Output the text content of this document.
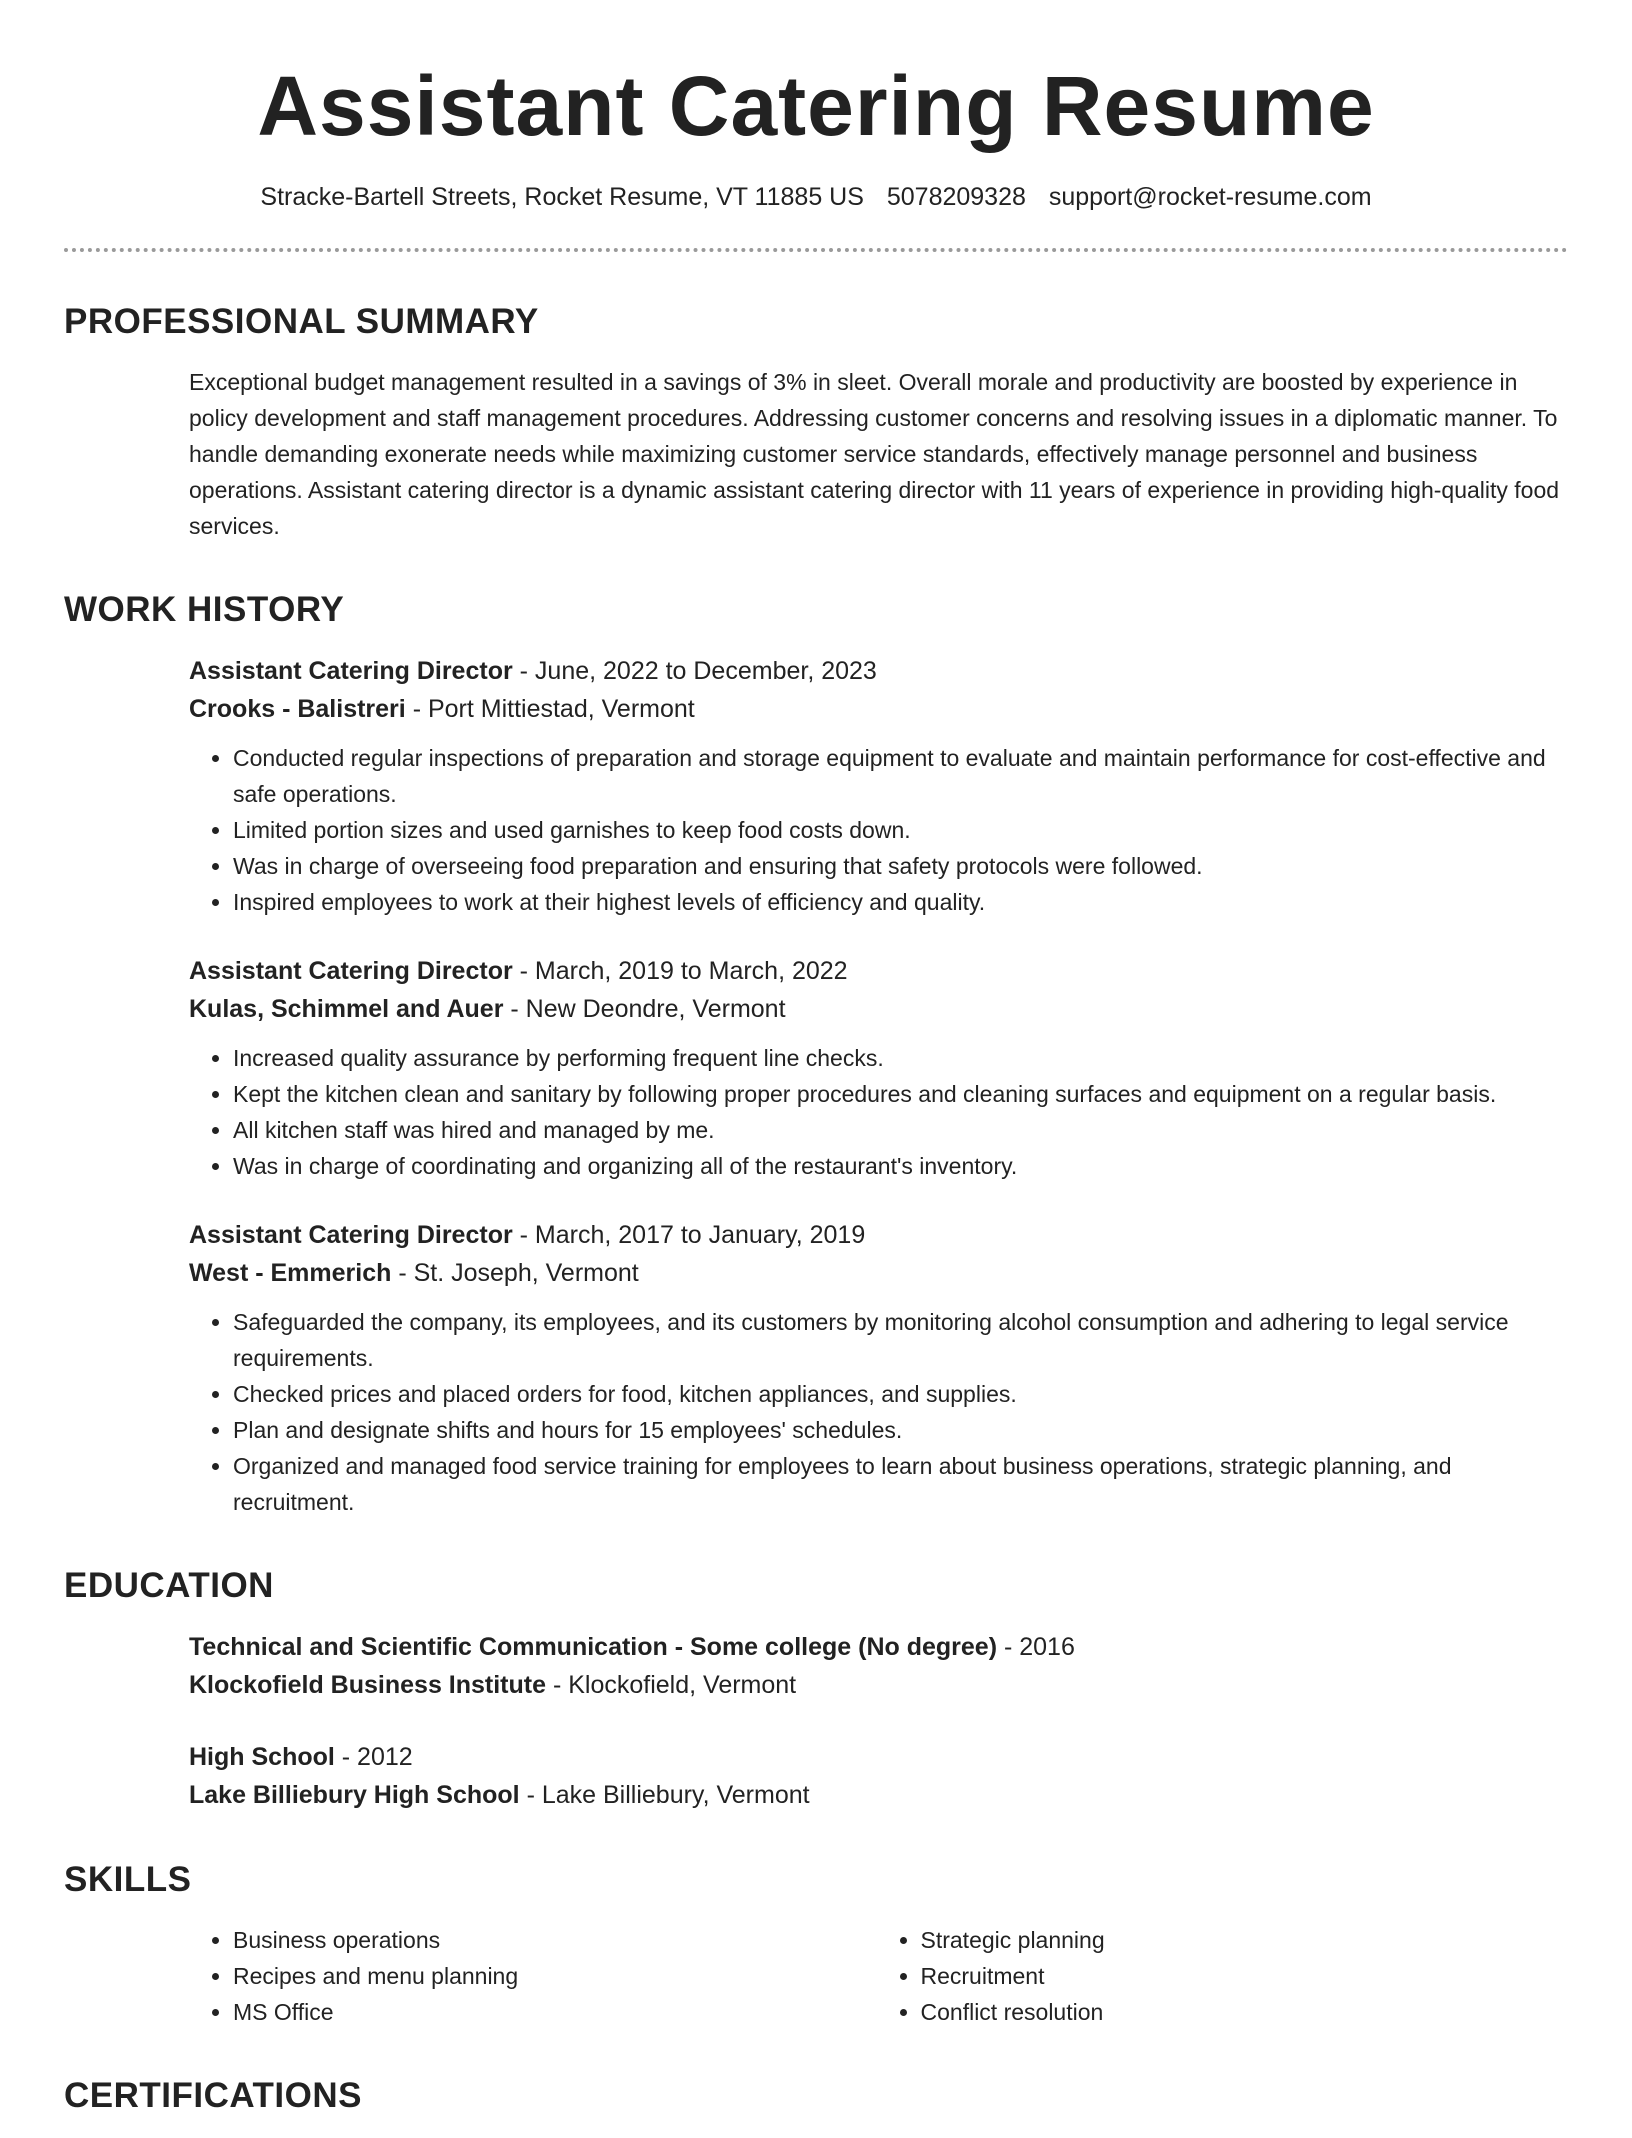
Assistant Catering Resume
Stracke-Bartell Streets, Rocket Resume, VT 11885 US 5078209328 support@rocket-resume.com
PROFESSIONAL SUMMARY
Exceptional budget management resulted in a savings of 3% in sleet. Overall morale and productivity are boosted by experience in policy development and staff management procedures. Addressing customer concerns and resolving issues in a diplomatic manner. To handle demanding exonerate needs while maximizing customer service standards, effectively manage personnel and business operations. Assistant catering director is a dynamic assistant catering director with 11 years of experience in providing high-quality food services.
WORK HISTORY
Assistant Catering Director - June, 2022 to December, 2023
Crooks - Balistreri - Port Mittiestad, Vermont
• Conducted regular inspections of preparation and storage equipment to evaluate and maintain performance for cost-effective and safe operations.
• Limited portion sizes and used garnishes to keep food costs down.
• Was in charge of overseeing food preparation and ensuring that safety protocols were followed.
• Inspired employees to work at their highest levels of efficiency and quality.
Assistant Catering Director - March, 2019 to March, 2022
Kulas, Schimmel and Auer - New Deondre, Vermont
• Increased quality assurance by performing frequent line checks.
• Kept the kitchen clean and sanitary by following proper procedures and cleaning surfaces and equipment on a regular basis.
• All kitchen staff was hired and managed by me.
• Was in charge of coordinating and organizing all of the restaurant's inventory.
Assistant Catering Director - March, 2017 to January, 2019
West - Emmerich - St. Joseph, Vermont
• Safeguarded the company, its employees, and its customers by monitoring alcohol consumption and adhering to legal service requirements.
• Checked prices and placed orders for food, kitchen appliances, and supplies.
• Plan and designate shifts and hours for 15 employees' schedules.
• Organized and managed food service training for employees to learn about business operations, strategic planning, and recruitment.
EDUCATION
Technical and Scientific Communication - Some college (No degree) - 2016
Klockofield Business Institute - Klockofield, Vermont
High School - 2012
Lake Billiebury High School - Lake Billiebury, Vermont
SKILLS
• Business operations
• Recipes and menu planning
• MS Office
• Strategic planning
• Recruitment
• Conflict resolution
CERTIFICATIONS
